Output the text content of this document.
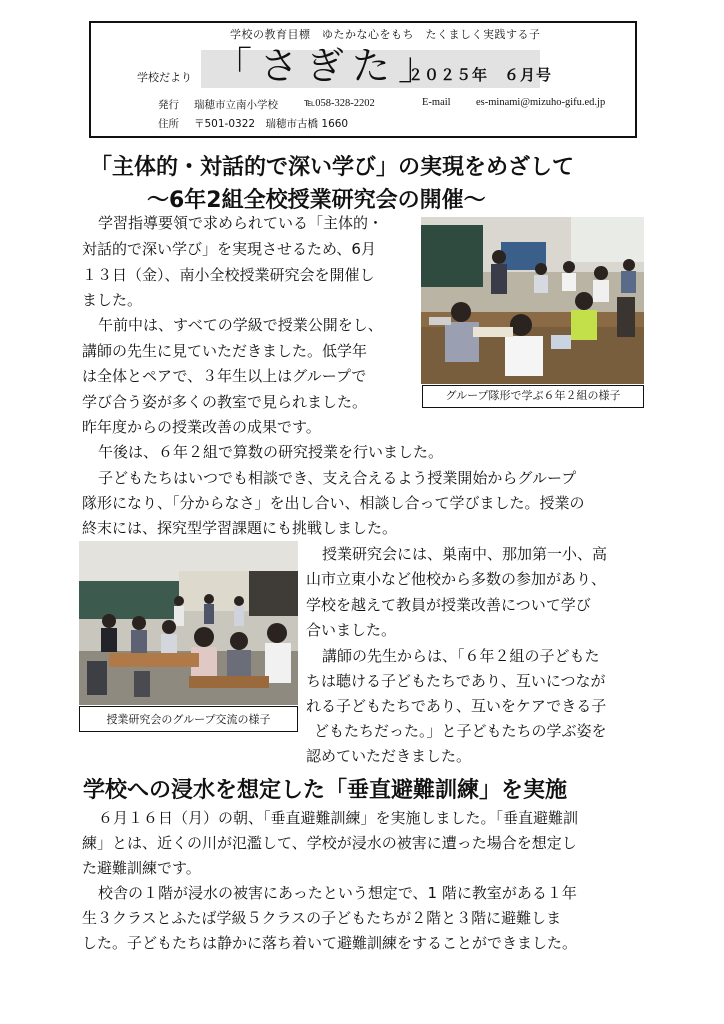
学校の教育目標　ゆたかな心をもち　たくましく実践する子
学校だより 「さぎた」
２０２５年　６月号
発行 瑞穂市立南小学校 ℡058-328-2202	E-mail es-minami@mizuho-gifu.ed.jp
住所 〒501-0322　瑞穂市古橋 1660
「主体的・対話的で深い学び」の実現をめざして
～6年2組全校授業研究会の開催～
学習指導要領で求められている「主体的・
対話的で深い学び」を実現させるため、6月
１３日（金）、南小全校授業研究会を開催し
ました。
午前中は、すべての学級で授業公開をし、
講師の先生に見ていただきました。低学年
は全体とペアで、３年生以上はグループで
学び合う姿が多くの教室で見られました。
昨年度からの授業改善の成果です。
午後は、６年２組で算数の研究授業を行いました。
子どもたちはいつでも相談でき、支え合えるよう授業開始からグループ
隊形になり、「分からなさ」を出し合い、相談し合って学びました。授業の
終末には、探究型学習課題にも挑戦しました。
授業研究会には、巣南中、那加第一小、高
山市立東小など他校から多数の参加があり、
学校を越えて教員が授業改善について学び
合いました。
講師の先生からは、「６年２組の子どもた
ちは聴ける子どもたちであり、互いにつなが
れる子どもたちであり、互いをケアできる子
どもたちだった。」と子どもたちの学ぶ姿を
認めていただきました。
グループ隊形で学ぶ６年２組の様子
授業研究会のグループ交流の様子
学校への浸水を想定した「垂直避難訓練」を実施
６月１６日（月）の朝、「垂直避難訓練」を実施しました。「垂直避難訓
練」とは、近くの川が氾濫して、学校が浸水の被害に遭った場合を想定し
た避難訓練です。
校舎の１階が浸水の被害にあったという想定で、1 階に教室がある１年
生３クラスとふたば学級５クラスの子どもたちが２階と３階に避難しま
した。子どもたちは静かに落ち着いて避難訓練をすることができました。
